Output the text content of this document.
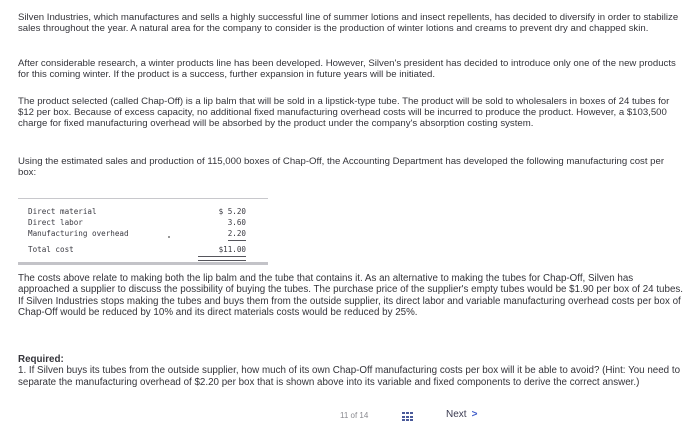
Silven Industries, which manufactures and sells a highly successful line of summer lotions and insect repellents, has decided to diversify in order to stabilize sales throughout the year. A natural area for the company to consider is the production of winter lotions and creams to prevent dry and chapped skin.

After considerable research, a winter products line has been developed. However, Silven's president has decided to introduce only one of the new products for this coming winter. If the product is a success, further expansion in future years will be initiated.

The product selected (called Chap-Off) is a lip balm that will be sold in a lipstick-type tube. The product will be sold to wholesalers in boxes of 24 tubes for $12 per box. Because of excess capacity, no additional fixed manufacturing overhead costs will be incurred to produce the product. However, a $103,500 charge for fixed manufacturing overhead will be absorbed by the product under the company's absorption costing system.

Using the estimated sales and production of 115,000 boxes of Chap-Off, the Accounting Department has developed the following manufacturing cost per box:

Direct material	$ 5.20
Direct labor	3.60
Manufacturing overhead	2.20
Total cost	$11.00

The costs above relate to making both the lip balm and the tube that contains it. As an alternative to making the tubes for Chap-Off, Silven has approached a supplier to discuss the possibility of buying the tubes. The purchase price of the supplier's empty tubes would be $1.90 per box of 24 tubes. If Silven Industries stops making the tubes and buys them from the outside supplier, its direct labor and variable manufacturing overhead costs per box of Chap-Off would be reduced by 10% and its direct materials costs would be reduced by 25%.

Required:
1. If Silven buys its tubes from the outside supplier, how much of its own Chap-Off manufacturing costs per box will it be able to avoid? (Hint: You need to separate the manufacturing overhead of $2.20 per box that is shown above into its variable and fixed components to derive the correct answer.)
11 of 14	Next >
